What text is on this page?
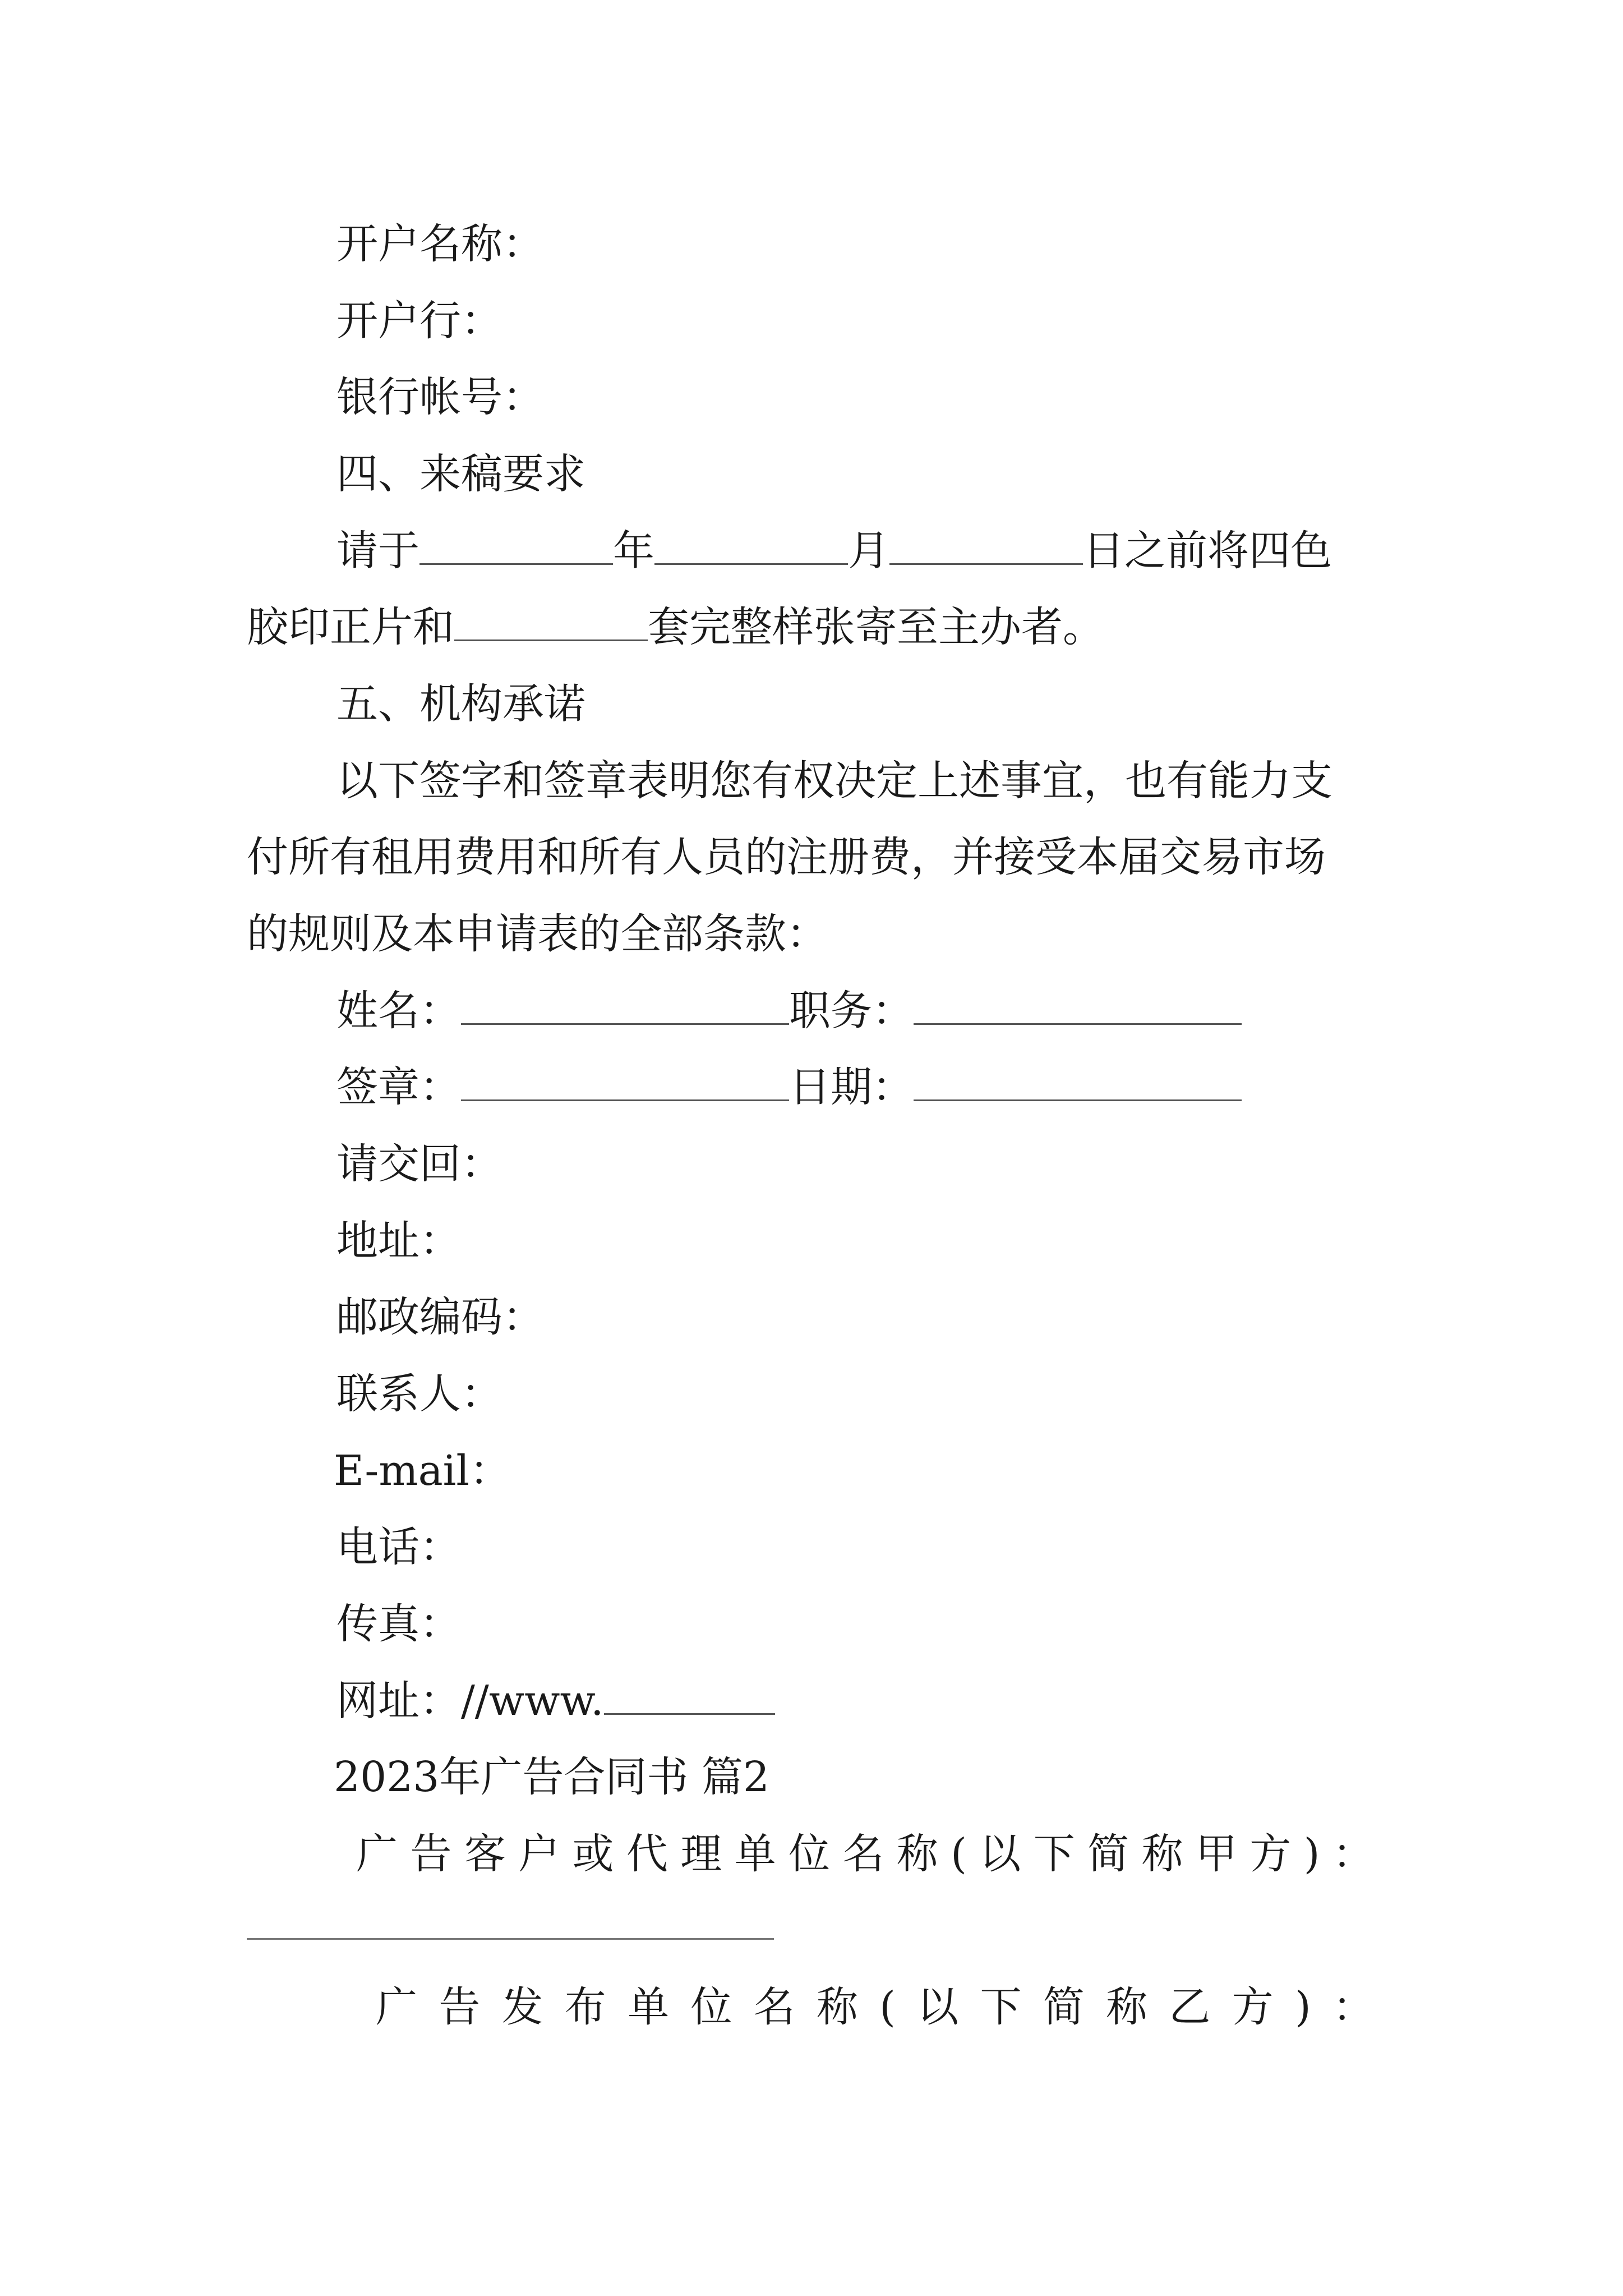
开户名称：

开户行：

银行帐号：

四、来稿要求

请于	年	月	日之前将四色

胶印正片和	套完整样张寄至主办者。

五、机构承诺

以下签字和签章表明您有权决定上述事宜，也有能力支

付所有租用费用和所有人员的注册费，并接受本届交易市场

的规则及本申请表的全部条款：

姓名：	职务：

签章：	日期：

请交回：

地址：

邮政编码：

联系人：

E-mail：

电话：

传真：

网址：//www.

2023年广告合同书 篇2

广 告 客 户 或 代 理 单 位 名 称 ( 以 下 简 称 甲 方 ) ：
广 告 发 布 单 位 名 称 ( 以 下 简 称 乙 方 ) ：
